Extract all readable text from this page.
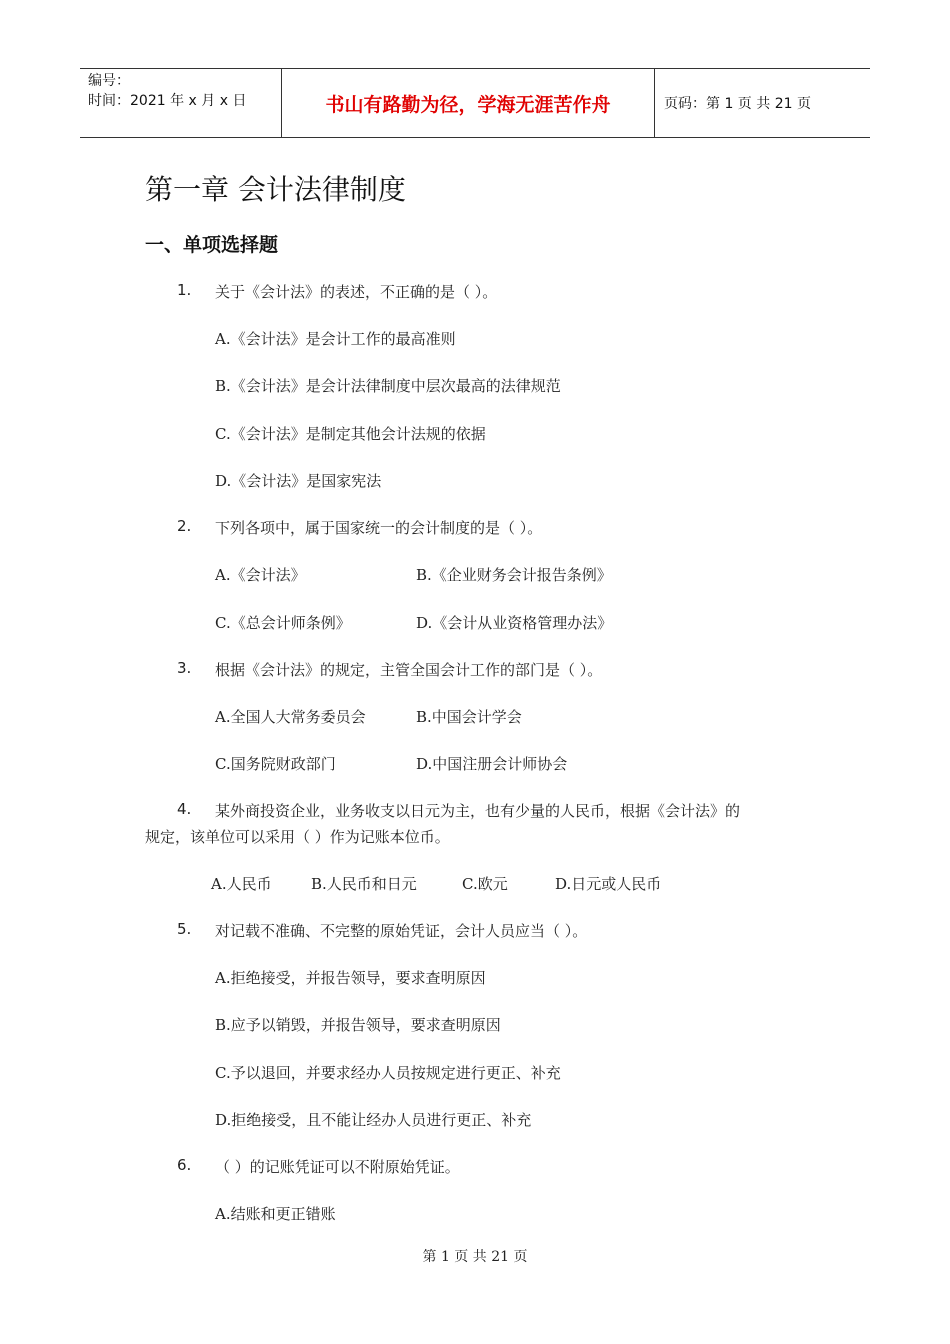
编号：
时间：2021 年 x 月 x 日	书山有路勤为径，学海无涯苦作舟	页码：第 1 页 共 21 页
第一章 会计法律制度
一、单项选择题
1. 关于《会计法》的表述，不正确的是（ ）。
A.《会计法》是会计工作的最高准则
B.《会计法》是会计法律制度中层次最高的法律规范
C.《会计法》是制定其他会计法规的依据
D.《会计法》是国家宪法
2. 下列各项中，属于国家统一的会计制度的是（ ）。
A.《会计法》	B.《企业财务会计报告条例》
C.《总会计师条例》	D.《会计从业资格管理办法》
3. 根据《会计法》的规定，主管全国会计工作的部门是（ ）。
A.全国人大常务委员会	B.中国会计学会
C.国务院财政部门	D.中国注册会计师协会
4. 某外商投资企业，业务收支以日元为主，也有少量的人民币，根据《会计法》的
规定，该单位可以采用（ ）作为记账本位币。
A.人民币	B.人民币和日元	C.欧元	D.日元或人民币
5. 对记载不准确、不完整的原始凭证，会计人员应当（ ）。
A.拒绝接受，并报告领导，要求查明原因
B.应予以销毁，并报告领导，要求查明原因
C.予以退回，并要求经办人员按规定进行更正、补充
D.拒绝接受，且不能让经办人员进行更正、补充
6. （ ）的记账凭证可以不附原始凭证。
A.结账和更正错账
第 1 页 共 21 页
